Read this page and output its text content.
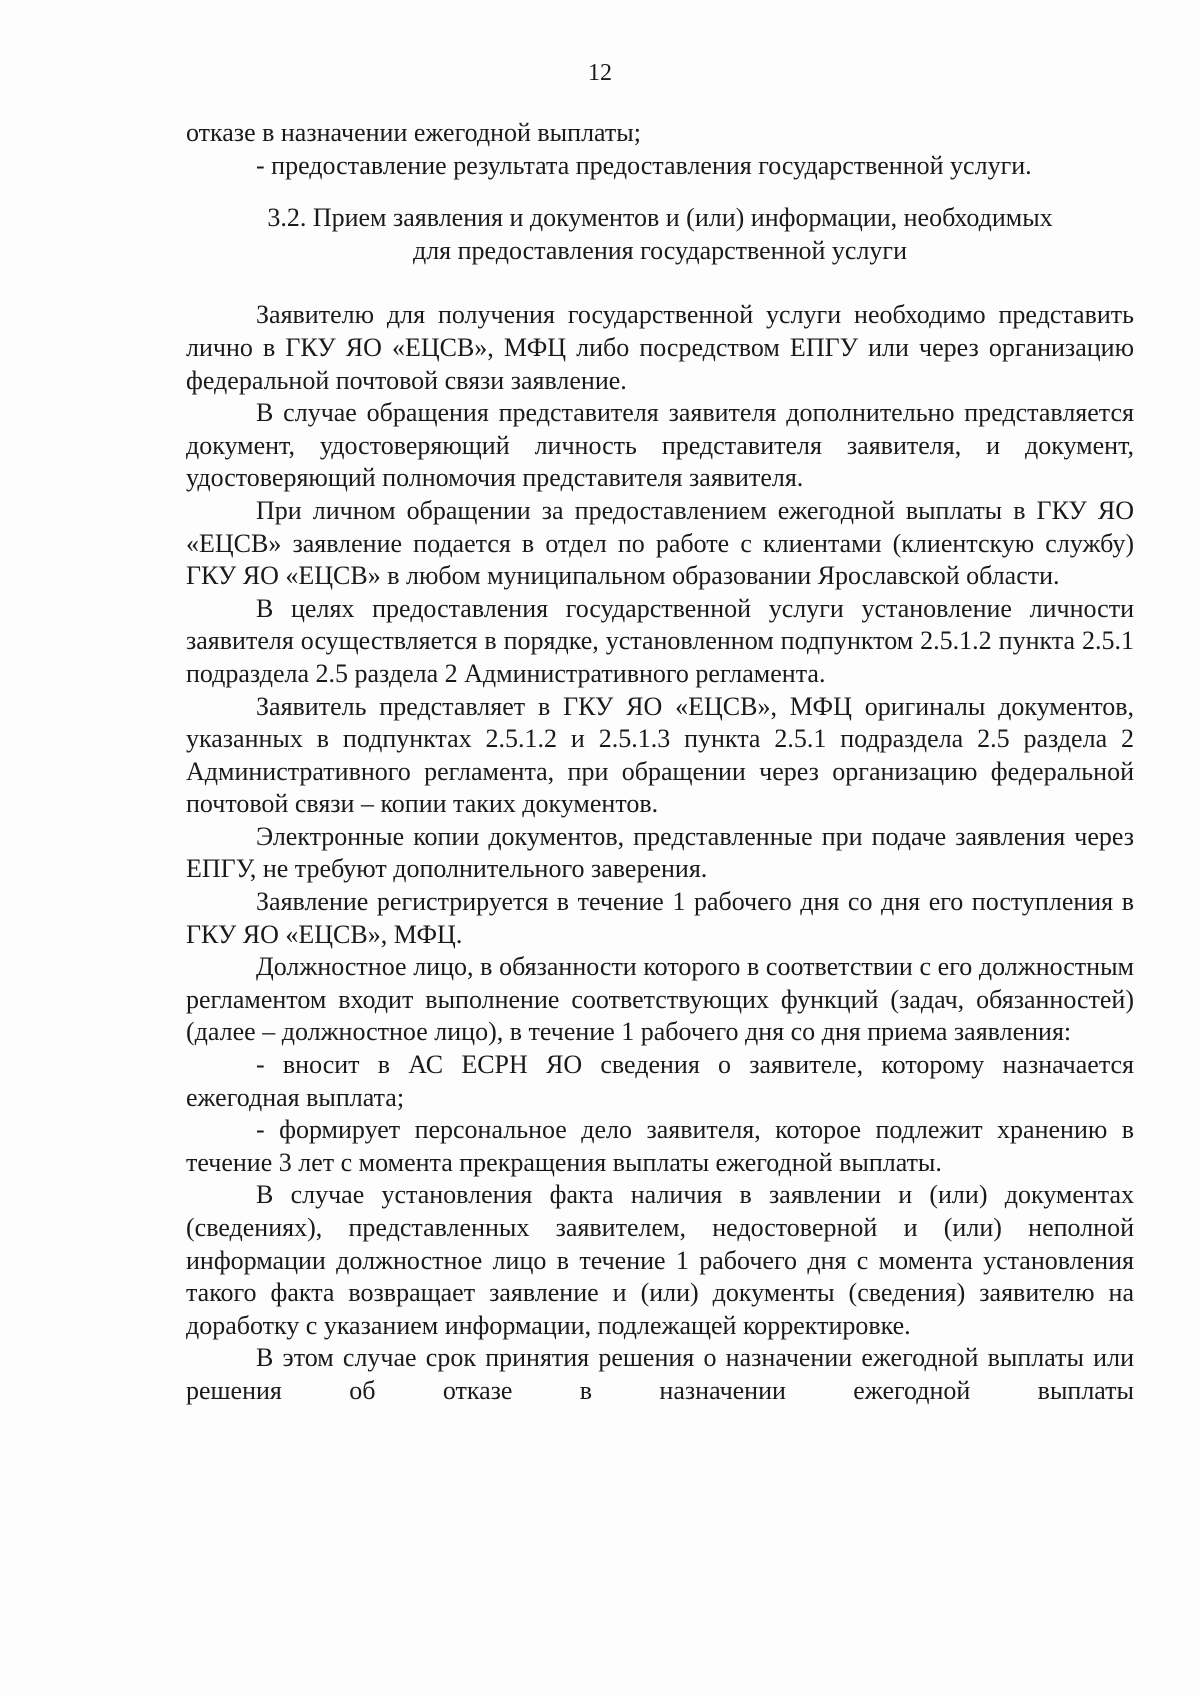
12

отказе в назначении ежегодной выплаты;

- предоставление результата предоставления государственной услуги.

3.2. Прием заявления и документов и (или) информации, необходимых
для предоставления государственной услуги

Заявителю для получения государственной услуги необходимо представить лично в ГКУ ЯО «ЕЦСВ», МФЦ либо посредством ЕПГУ или через организацию федеральной почтовой связи заявление.

В случае обращения представителя заявителя дополнительно представляется документ, удостоверяющий личность представителя заявителя, и документ, удостоверяющий полномочия представителя заявителя.

При личном обращении за предоставлением ежегодной выплаты в ГКУ ЯО «ЕЦСВ» заявление подается в отдел по работе с клиентами (клиентскую службу) ГКУ ЯО «ЕЦСВ» в любом муниципальном образовании Ярославской области.

В целях предоставления государственной услуги установление личности заявителя осуществляется в порядке, установленном подпунктом 2.5.1.2 пункта 2.5.1 подраздела 2.5 раздела 2 Административного регламента.

Заявитель представляет в ГКУ ЯО «ЕЦСВ», МФЦ оригиналы документов, указанных в подпунктах 2.5.1.2 и 2.5.1.3 пункта 2.5.1 подраздела 2.5 раздела 2 Административного регламента, при обращении через организацию федеральной почтовой связи – копии таких документов.

Электронные копии документов, представленные при подаче заявления через ЕПГУ, не требуют дополнительного заверения.

Заявление регистрируется в течение 1 рабочего дня со дня его поступления в ГКУ ЯО «ЕЦСВ», МФЦ.

Должностное лицо, в обязанности которого в соответствии с его должностным регламентом входит выполнение соответствующих функций (задач, обязанностей) (далее – должностное лицо), в течение 1 рабочего дня со дня приема заявления:

- вносит в АС ЕСРН ЯО сведения о заявителе, которому назначается ежегодная выплата;

- формирует персональное дело заявителя, которое подлежит хранению в течение 3 лет с момента прекращения выплаты ежегодной выплаты.

В случае установления факта наличия в заявлении и (или) документах (сведениях), представленных заявителем, недостоверной и (или) неполной информации должностное лицо в течение 1 рабочего дня с момента установления такого факта возвращает заявление и (или) документы (сведения) заявителю на доработку с указанием информации, подлежащей корректировке.

В этом случае срок принятия решения о назначении ежегодной выплаты или решения об отказе в назначении ежегодной выплаты
